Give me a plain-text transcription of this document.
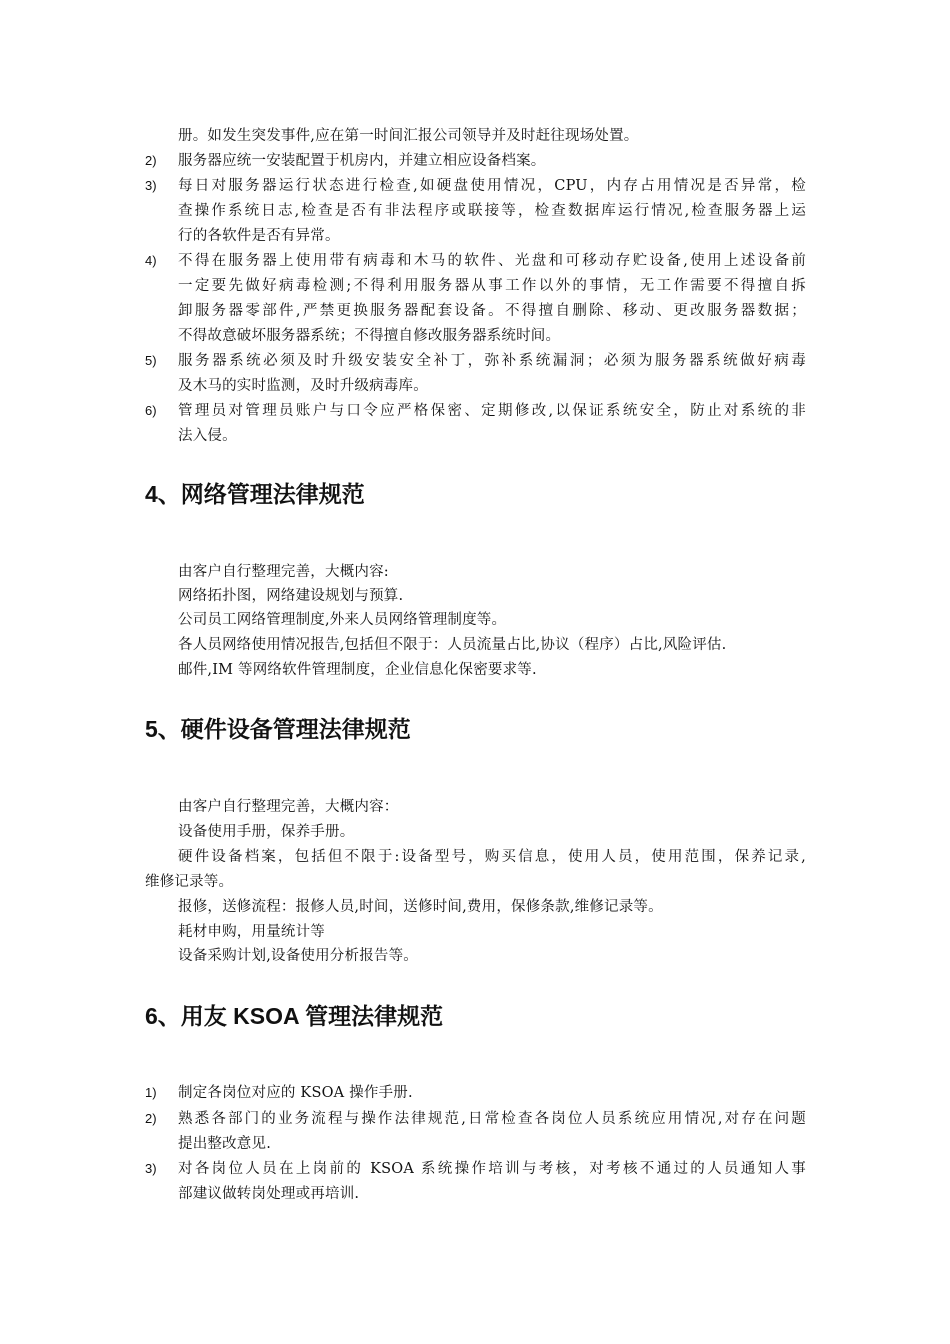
册。如发生突发事件,应在第一时间汇报公司领导并及时赶往现场处置。
2) 服务器应统一安装配置于机房内，并建立相应设备档案。
3) 每日对服务器运行状态进行检查,如硬盘使用情况，CPU，内存占用情况是否异常，检
查操作系统日志,检查是否有非法程序或联接等，检查数据库运行情况,检查服务器上运
行的各软件是否有异常。
4) 不得在服务器上使用带有病毒和木马的软件、光盘和可移动存贮设备,使用上述设备前
一定要先做好病毒检测;不得利用服务器从事工作以外的事情，无工作需要不得擅自拆
卸服务器零部件,严禁更换服务器配套设备。不得擅自删除、移动、更改服务器数据；
不得故意破坏服务器系统；不得擅自修改服务器系统时间。
5) 服务器系统必须及时升级安装安全补丁，弥补系统漏洞；必须为服务器系统做好病毒
及木马的实时监测，及时升级病毒库。
6) 管理员对管理员账户与口令应严格保密、定期修改,以保证系统安全，防止对系统的非
法入侵。
4、网络管理法律规范
由客户自行整理完善，大概内容:
网络拓扑图，网络建设规划与预算.
公司员工网络管理制度,外来人员网络管理制度等。
各人员网络使用情况报告,包括但不限于：人员流量占比,协议（程序）占比,风险评估.
邮件,IM 等网络软件管理制度，企业信息化保密要求等.
5、硬件设备管理法律规范
由客户自行整理完善，大概内容：
设备使用手册，保养手册。
硬件设备档案，包括但不限于:设备型号，购买信息，使用人员，使用范围，保养记录,
维修记录等。
报修，送修流程：报修人员,时间，送修时间,费用，保修条款,维修记录等。
耗材申购，用量统计等
设备采购计划,设备使用分析报告等。
6、用友 KSOA 管理法律规范
1) 制定各岗位对应的 KSOA 操作手册.
2) 熟悉各部门的业务流程与操作法律规范,日常检查各岗位人员系统应用情况,对存在问题
提出整改意见.
3) 对各岗位人员在上岗前的 KSOA 系统操作培训与考核，对考核不通过的人员通知人事
部建议做转岗处理或再培训.
